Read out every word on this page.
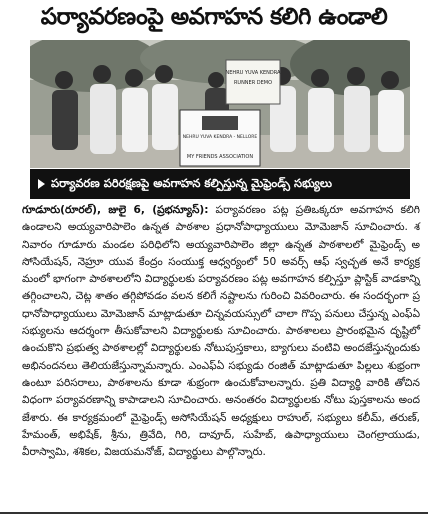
పర్యావరణంపై అవగాహన కలిగి ఉండాలి
NEHRU YUVA KENDRA
RUNNER DEMO
NEHRU YUVA KENDRA - NELLORE
MY FRIENDS ASSOCIATION
పర్యావరణ పరిరక్షణపై అవగాహన కల్పిస్తున్న మైఫ్రెండ్స్ సభ్యులు
గూడూరు(రూరల్), జులై 6, (ప్రభన్యూస్): పర్యావరణం పట్ల ప్రతిఒక్కరూ అవగాహన కలిగి ఉండాలని అయ్యవారిపాలెం ఉన్నత పాఠశాల ప్రధానోపాధ్యాయులు మోమెజాన్ సూచించారు. శనివారం గూడూరు మండల పరిధిలోని అయ్యవారిపాలెం జిల్లా ఉన్నత పాఠశాలలో మైఫ్రెండ్స్ అసోసియేషన్, నెహ్రూ యువ కేంద్రం సంయుక్త ఆధ్వర్యంలో 50 అవర్స్ ఆఫ్ స్వచ్ఛత అనే కార్యక్రమంలో భాగంగా పాఠశాలలోని విద్యార్థులకు పర్యావరణం పట్ల అవగాహన కల్పిస్తూ ప్లాస్టిక్ వాడకాన్ని తగ్గించాలని, చెట్ల శాతం తగ్గిపోవడం వలన కలిగే నష్టాలను గురించి వివరించారు. ఈ సందర్భంగా ప్రధానోపాధ్యాయులు మోమెజాన్ మాట్లాడుతూ చిన్నవయస్సులో చాలా గొప్ప పనులు చేస్తున్న ఎంఫ్ఏ సభ్యులను ఆదర్శంగా తీసుకోవాలని విద్యార్థులకు సూచించారు. పాఠశాలలు ప్రారంభమైన దృష్టిలో ఉంచుకొని ప్రభుత్వ పాఠశాలల్లో విద్యార్థులకు నోటుపుస్తకాలు, బ్యాగులు వంటివి అందజేస్తున్నందుకు అభినందనలు తెలియజేస్తున్నామన్నారు. ఎంఎఫ్ఏ సభ్యుడు రంజిత్ మాట్లాడుతూ పిల్లలు శుభ్రంగా ఉంటూ పరిసరాలు, పాఠశాలను కూడా శుభ్రంగా ఉంచుకోవాలన్నారు. ప్రతి విద్యార్థి వారికి తోచిన విధంగా పర్యావరణాన్ని కాపాడాలని సూచించారు. అనంతరం విద్యార్థులకు నోటు పుస్తకాలను అందజేశారు. ఈ కార్యక్రమంలో మైఫ్రెండ్స్ అసోసియేషన్ అధ్యక్షులు రాహుల్, సభ్యులు కలీమ్, తరుణ్, హేమంత్, అభిషేక్, శ్రీను, త్రివేది, గిరి, దావూద్, సుహేబ్, ఉపాధ్యాయులు చెంగల్రాయుడు, వీరాస్వామి, శశికల, విజయమనోజ్, విద్యార్థులు పాల్గొన్నారు.
